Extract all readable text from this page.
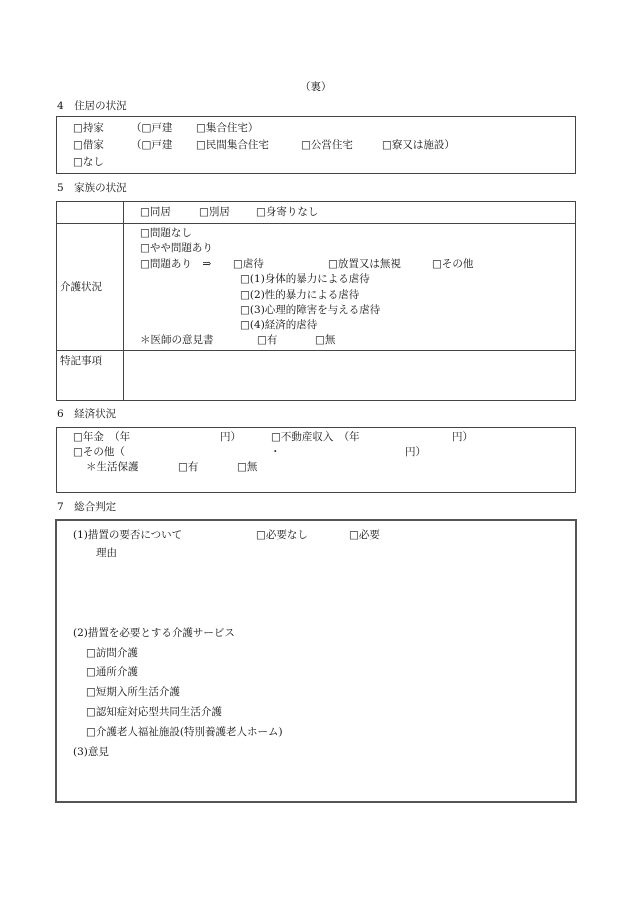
（裏）
4　住居の状況
□持家	（□戸建 □集合住宅）
□借家	（□戸建 □民間集合住宅	□公営住宅	□寮又は施設）
□なし
5　家族の状況
□同居	□別居 □身寄りなし
介護状況
□問題なし
□やや問題あり
□問題あり　⇒ □虐待	□放置又は無視	□その他
□(1)身体的暴力による虐待
□(2)性的暴力による虐待
□(3)心理的障害を与える虐待
□(4)経済的虐待
＊医師の意見書	□有	□無
特記事項
6　経済状況
□年金　（年	円）	□不動産収入　（年	円）
□その他（	・	円）
＊生活保護	□有	□無
7　総合判定
(1)措置の要否について	□必要なし	□必要
理由
(2)措置を必要とする介護サービス
□訪問介護
□通所介護
□短期入所生活介護
□認知症対応型共同生活介護
□介護老人福祉施設(特別養護老人ホーム)
(3)意見
